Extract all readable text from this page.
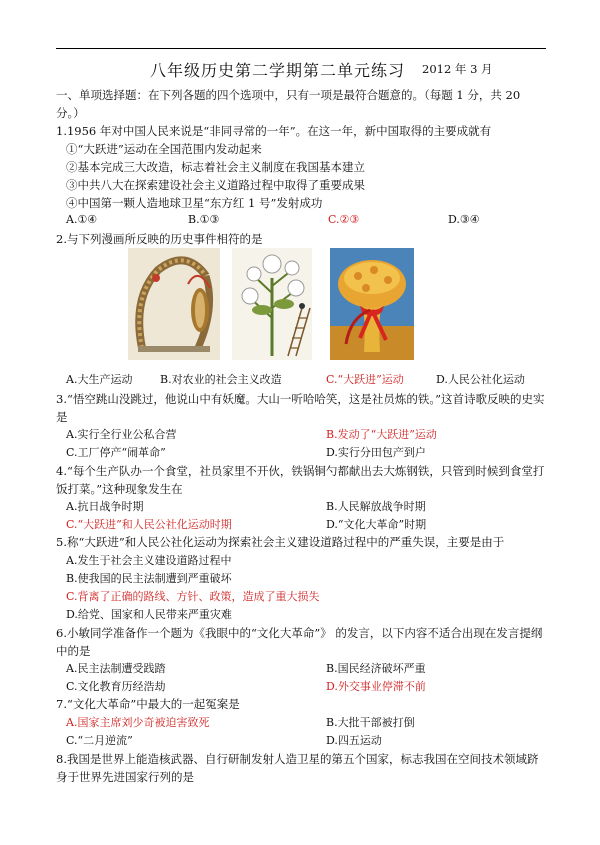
八年级历史第二学期第二单元练习 2012 年 3 月
一、单项选择题：在下列各题的四个选项中，只有一项是最符合题意的。（每题 1 分，共 20 分。）
1.1956 年对中国人民来说是“非同寻常的一年”。在这一年，新中国取得的主要成就有
①“大跃进”运动在全国范围内发动起来
②基本完成三大改造，标志着社会主义制度在我国基本建立
③中共八大在探索建设社会主义道路过程中取得了重要成果
④中国第一颗人造地球卫星“东方红 1 号”发射成功
A.①④	B.①③	C.②③	D.③④
2.与下列漫画所反映的历史事件相符的是
A.大生产运动	B.对农业的社会主义改造	C.“大跃进”运动	D.人民公社化运动
3.“悟空跳山没跳过，他说山中有妖魔。大山一听哈哈笑，这是社员炼的铁。”这首诗歌反映的史实是
A.实行全行业公私合营	B.发动了“大跃进”运动
C.工厂停产“闹革命”	D.实行分田包产到户
4.“每个生产队办一个食堂，社员家里不开伙，铁锅铜勺都献出去大炼钢铁，只管到时候到食堂打饭打菜。”这种现象发生在
A.抗日战争时期	B.人民解放战争时期
C.“大跃进”和人民公社化运动时期	D.“文化大革命”时期
5.称“大跃进”和人民公社化运动为探索社会主义建设道路过程中的严重失误，主要是由于
A.发生于社会主义建设道路过程中
B.使我国的民主法制遭到严重破坏
C.背离了正确的路线、方针、政策，造成了重大损失
D.给党、国家和人民带来严重灾难
6.小敏同学准备作一个题为《我眼中的“文化大革命”》 的发言，以下内容不适合出现在发言提纲中的是
A.民主法制遭受践踏	B.国民经济破坏严重
C.文化教育历经浩劫	D.外交事业停滞不前
7.“文化大革命”中最大的一起冤案是
A.国家主席刘少奇被迫害致死	B.大批干部被打倒
C.“二月逆流”	D.四五运动
8.我国是世界上能造核武器、自行研制发射人造卫星的第五个国家，标志我国在空间技术领域跻身于世界先进国家行列的是
